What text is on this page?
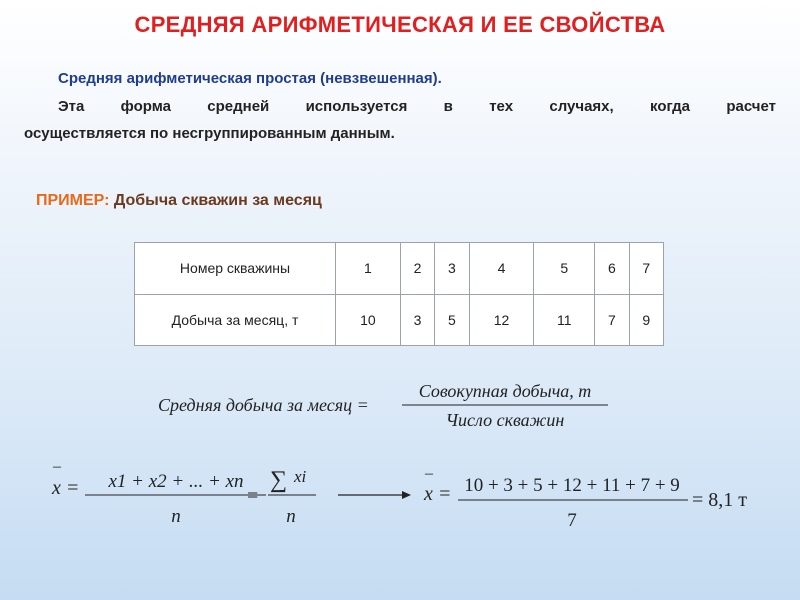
СРЕДНЯЯ АРИФМЕТИЧЕСКАЯ И ЕЕ СВОЙСТВА
Средняя арифметическая простая (невзвешенная).
Эта форма средней используется в тех случаях, когда расчет
осуществляется по несгруппированным данным.
ПРИМЕР: Добыча скважин за месяц
Номер скважины	1	2	3	4	5	6	7
Добыча за месяц, т	10	3	5	12	11	7	9
Средняя добыча за месяц =
Совокупная добыча, т
Число скважин
–
x = x1 + x2 + ... + xn
n
=
∑ xi
n
–
x = 10 + 3 + 5 + 12 + 11 + 7 + 9
7
= 8,1 т
